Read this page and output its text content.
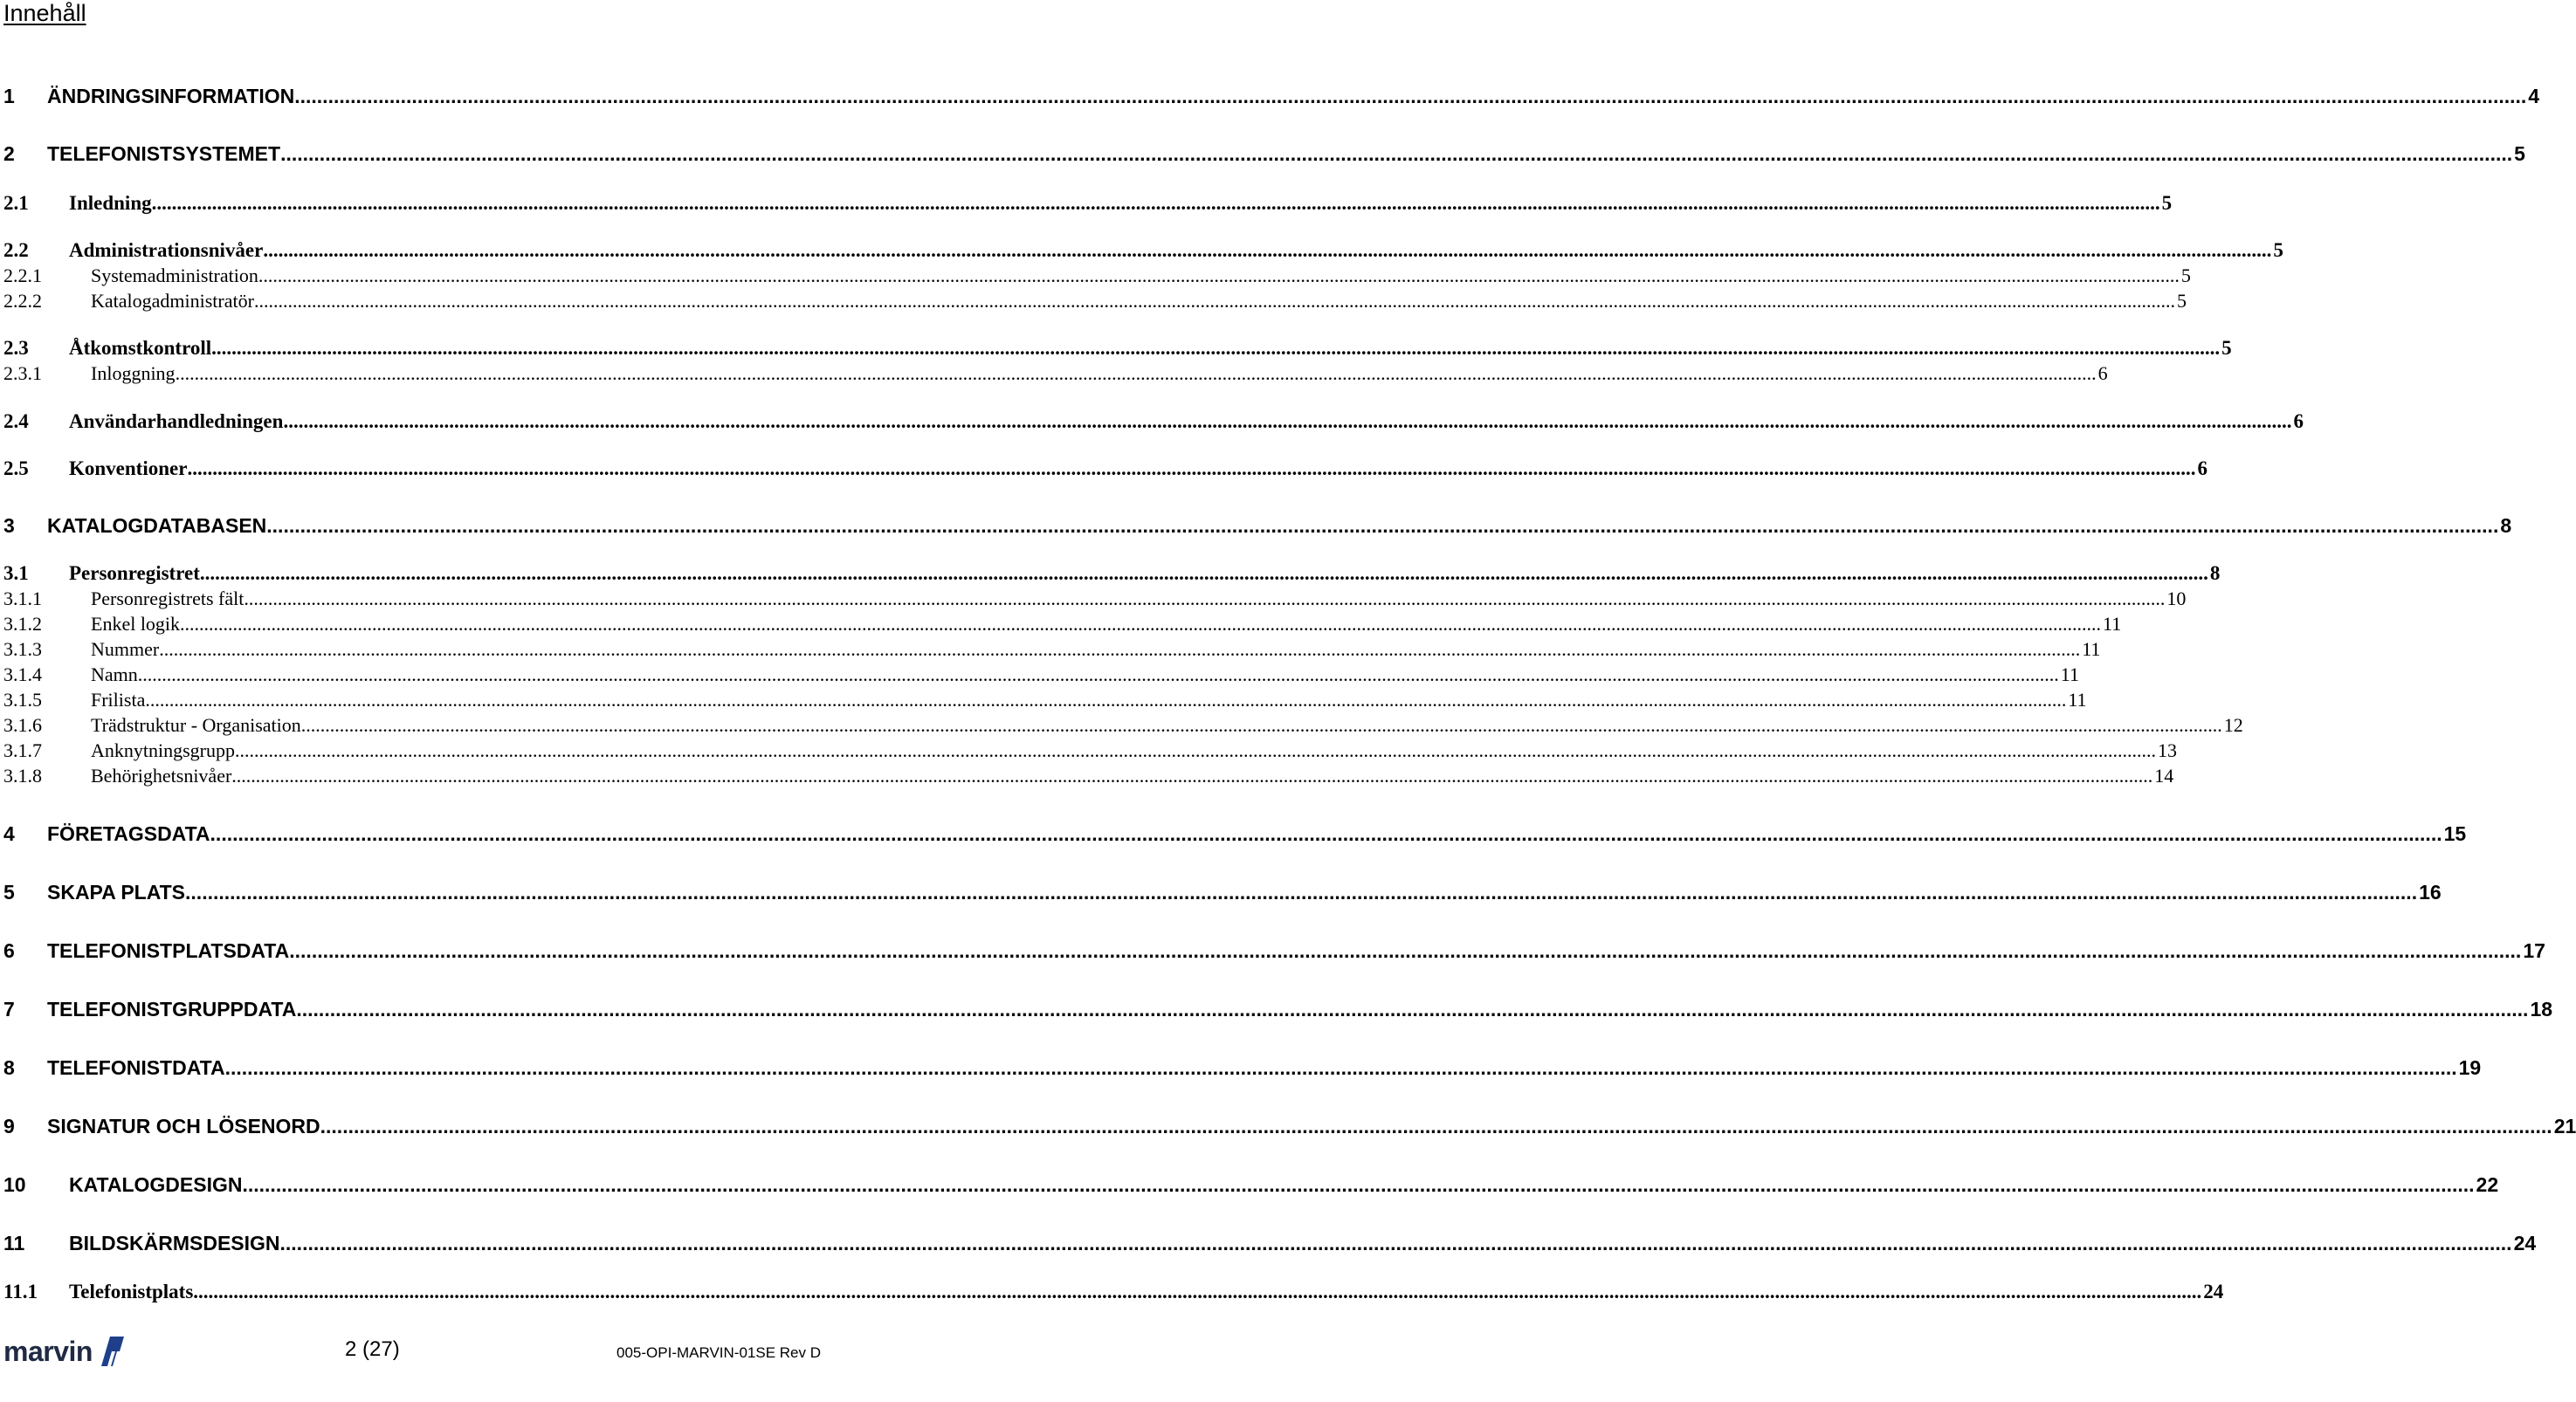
Innehåll
1	ÄNDRINGSINFORMATION ................................................................................................................................................................................................................................................................................................................................................................................................................ 4
2	TELEFONISTSYSTEMET ................................................................................................................................................................................................................................................................................................................................................................................................................ 5
2.1	Inledning ................................................................................................................................................................................................................................................................................................................................................................................................................ 5
2.2	Administrationsnivåer ................................................................................................................................................................................................................................................................................................................................................................................................................ 5
2.2.1	Systemadministration ................................................................................................................................................................................................................................................................................................................................................................................................................ 5
2.2.2	Katalogadministratör ................................................................................................................................................................................................................................................................................................................................................................................................................ 5
2.3	Åtkomstkontroll ................................................................................................................................................................................................................................................................................................................................................................................................................ 5
2.3.1	Inloggning ................................................................................................................................................................................................................................................................................................................................................................................................................ 6
2.4	Användarhandledningen ................................................................................................................................................................................................................................................................................................................................................................................................................ 6
2.5	Konventioner ................................................................................................................................................................................................................................................................................................................................................................................................................ 6
3	KATALOGDATABASEN ................................................................................................................................................................................................................................................................................................................................................................................................................ 8
3.1	Personregistret ................................................................................................................................................................................................................................................................................................................................................................................................................ 8
3.1.1	Personregistrets fält ................................................................................................................................................................................................................................................................................................................................................................................................................ 10
3.1.2	Enkel logik ................................................................................................................................................................................................................................................................................................................................................................................................................ 11
3.1.3	Nummer ................................................................................................................................................................................................................................................................................................................................................................................................................ 11
3.1.4	Namn ................................................................................................................................................................................................................................................................................................................................................................................................................ 11
3.1.5	Frilista ................................................................................................................................................................................................................................................................................................................................................................................................................ 11
3.1.6	Trädstruktur - Organisation ................................................................................................................................................................................................................................................................................................................................................................................................................ 12
3.1.7	Anknytningsgrupp ................................................................................................................................................................................................................................................................................................................................................................................................................ 13
3.1.8	Behörighetsnivåer ................................................................................................................................................................................................................................................................................................................................................................................................................ 14
4	FÖRETAGSDATA ................................................................................................................................................................................................................................................................................................................................................................................................................ 15
5	SKAPA PLATS ................................................................................................................................................................................................................................................................................................................................................................................................................ 16
6	TELEFONISTPLATSDATA ................................................................................................................................................................................................................................................................................................................................................................................................................ 17
7	TELEFONISTGRUPPDATA ................................................................................................................................................................................................................................................................................................................................................................................................................ 18
8	TELEFONISTDATA ................................................................................................................................................................................................................................................................................................................................................................................................................ 19
9	SIGNATUR OCH LÖSENORD ................................................................................................................................................................................................................................................................................................................................................................................................................ 21
10	KATALOGDESIGN ................................................................................................................................................................................................................................................................................................................................................................................................................ 22
11	BILDSKÄRMSDESIGN ................................................................................................................................................................................................................................................................................................................................................................................................................ 24
11.1	Telefonistplats ................................................................................................................................................................................................................................................................................................................................................................................................................ 24
marvin	2 (27)	005-OPI-MARVIN-01SE Rev D
